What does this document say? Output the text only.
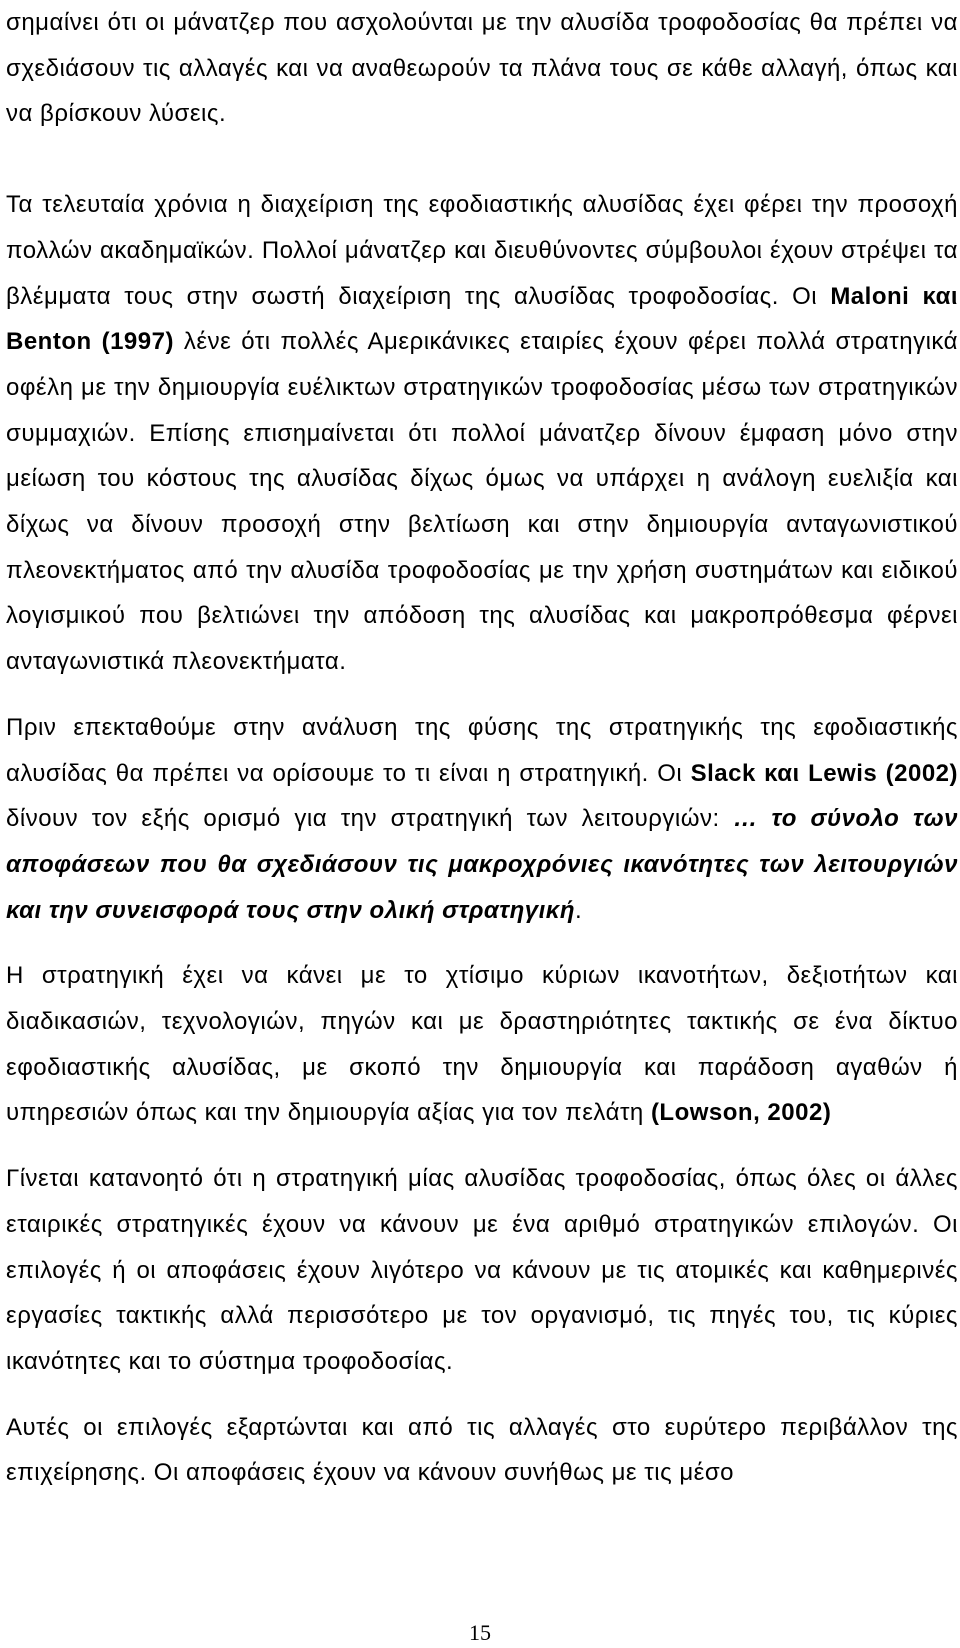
σημαίνει ότι οι μάνατζερ που ασχολούνται με την αλυσίδα τροφοδοσίας θα πρέπει να σχεδιάσουν τις αλλαγές και να αναθεωρούν τα πλάνα τους σε κάθε αλλαγή, όπως και να βρίσκουν λύσεις.

Τα τελευταία χρόνια η διαχείριση της εφοδιαστικής αλυσίδας έχει φέρει την προσοχή πολλών ακαδημαϊκών. Πολλοί μάνατζερ και διευθύνοντες σύμβουλοι έχουν στρέψει τα βλέμματα τους στην σωστή διαχείριση της αλυσίδας τροφοδοσίας. Οι Maloni και Benton (1997) λένε ότι πολλές Αμερικάνικες εταιρίες έχουν φέρει πολλά στρατηγικά οφέλη με την δημιουργία ευέλικτων στρατηγικών τροφοδοσίας μέσω των στρατηγικών συμμαχιών. Επίσης επισημαίνεται ότι πολλοί μάνατζερ δίνουν έμφαση μόνο στην μείωση του κόστους της αλυσίδας δίχως όμως να υπάρχει η ανάλογη ευελιξία και δίχως να δίνουν προσοχή στην βελτίωση και στην δημιουργία ανταγωνιστικού πλεονεκτήματος από την αλυσίδα τροφοδοσίας με την χρήση συστημάτων και ειδικού λογισμικού που βελτιώνει την απόδοση της αλυσίδας και μακροπρόθεσμα φέρνει ανταγωνιστικά πλεονεκτήματα.

Πριν επεκταθούμε στην ανάλυση της φύσης της στρατηγικής της εφοδιαστικής αλυσίδας θα πρέπει να ορίσουμε το τι είναι η στρατηγική. Οι Slack και Lewis (2002) δίνουν τον εξής ορισμό για την στρατηγική των λειτουργιών: … το σύνολο των αποφάσεων που θα σχεδιάσουν τις μακροχρόνιες ικανότητες των λειτουργιών και την συνεισφορά τους στην ολική στρατηγική.

Η στρατηγική έχει να κάνει με το χτίσιμο κύριων ικανοτήτων, δεξιοτήτων και διαδικασιών, τεχνολογιών, πηγών και με δραστηριότητες τακτικής σε ένα δίκτυο εφοδιαστικής αλυσίδας, με σκοπό την δημιουργία και παράδοση αγαθών ή υπηρεσιών όπως και την δημιουργία αξίας για τον πελάτη (Lowson, 2002)

Γίνεται κατανοητό ότι η στρατηγική μίας αλυσίδας τροφοδοσίας, όπως όλες οι άλλες εταιρικές στρατηγικές έχουν να κάνουν με ένα αριθμό στρατηγικών επιλογών. Οι επιλογές ή οι αποφάσεις έχουν λιγότερο να κάνουν με τις ατομικές και καθημερινές εργασίες τακτικής αλλά περισσότερο με τον οργανισμό, τις πηγές του, τις κύριες ικανότητες και το σύστημα τροφοδοσίας.

Αυτές οι επιλογές εξαρτώνται και από τις αλλαγές στο ευρύτερο περιβάλλον της επιχείρησης. Οι αποφάσεις έχουν να κάνουν συνήθως με τις μέσο

15
